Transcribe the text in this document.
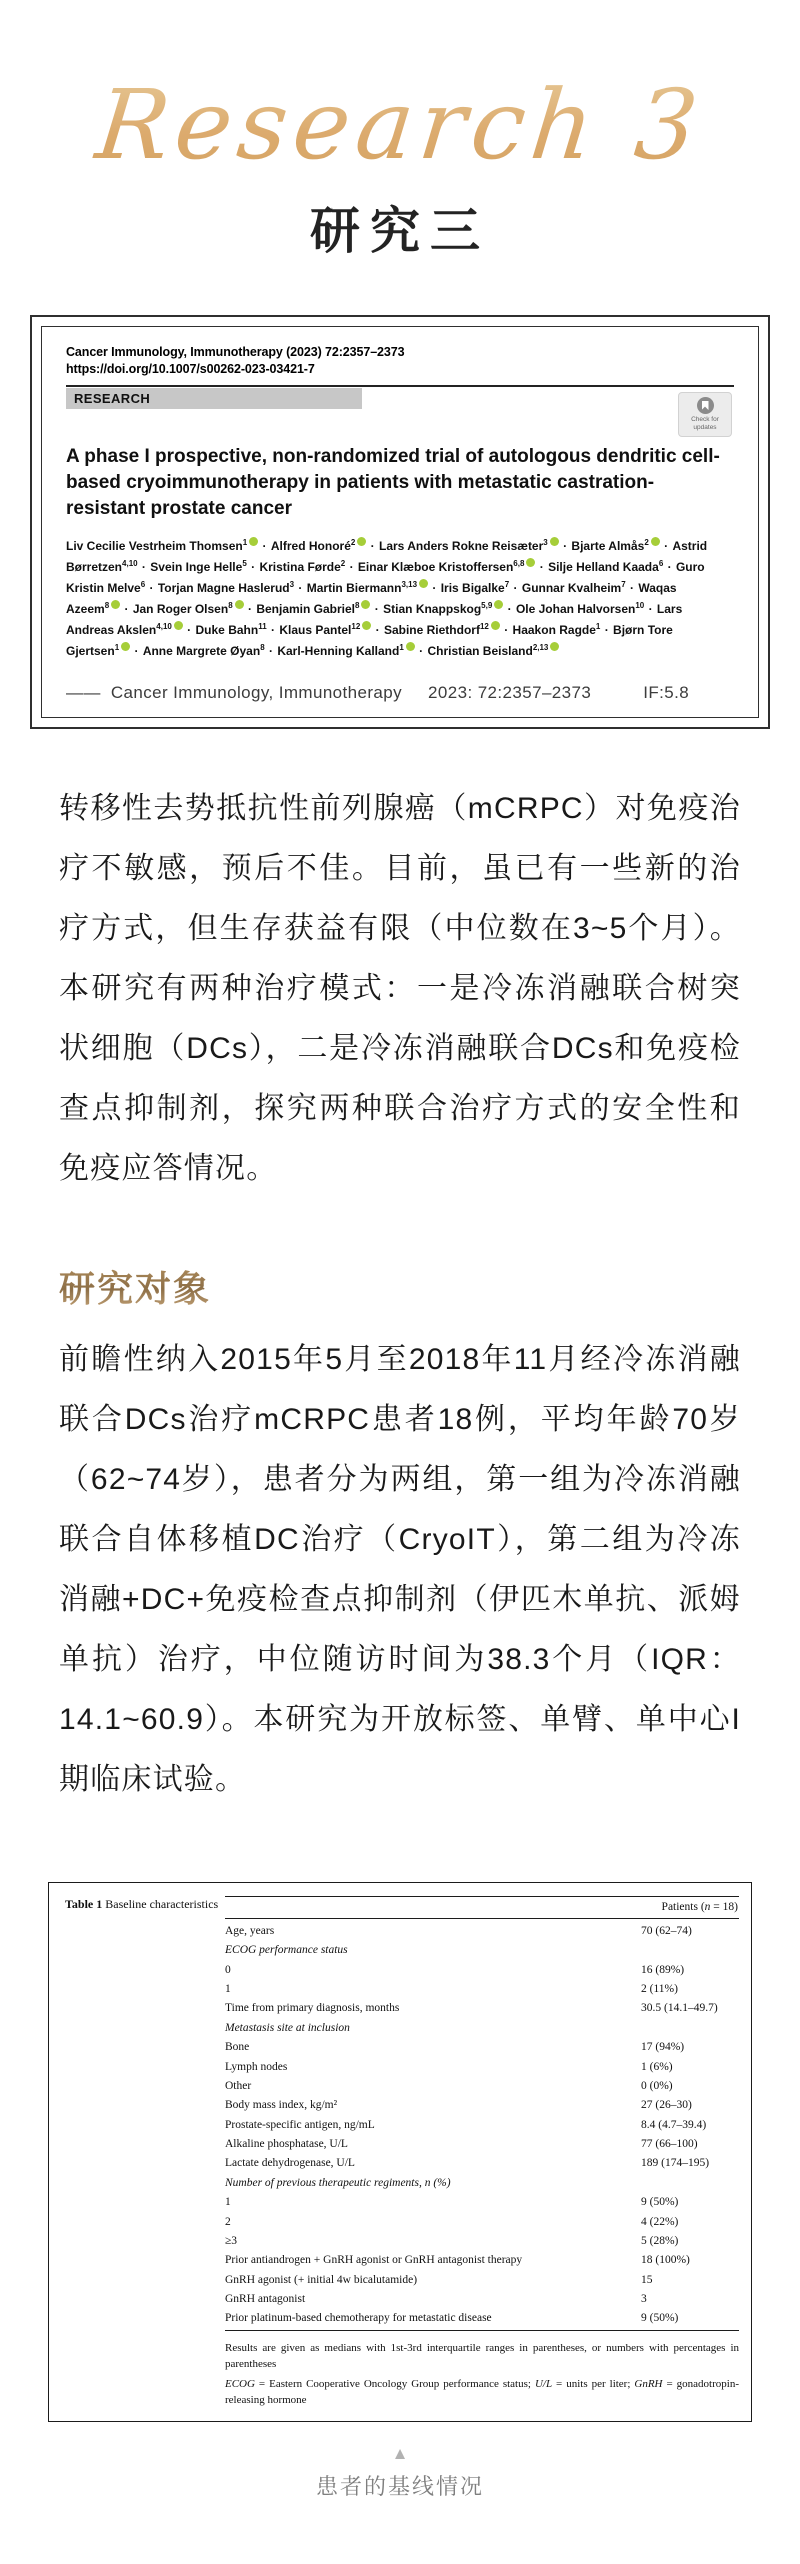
Research 3
研究三
Cancer Immunology, Immunotherapy (2023) 72:2357–2373
https://doi.org/10.1007/s00262-023-03421-7
RESEARCH
Check for
updates
A phase I prospective, non-randomized trial of autologous dendritic cell-based cryoimmunotherapy in patients with metastatic castration-resistant prostate cancer
Liv Cecilie Vestrheim Thomsen$^1$ · Alfred Honoré$^2$ · Lars Anders Rokne Reisæter$^3$ · Bjarte Almås$^2$ · Astrid Børretzen$^{4,10}$ · Svein Inge Helle$^5$ · Kristina Førde$^2$ · Einar Klæboe Kristoffersen$^{6,8}$ · Silje Helland Kaada$^6$ · Guro Kristin Melve$^6$ · Torjan Magne Haslerud$^3$ · Martin Biermann$^{3,13}$ · Iris Bigalke$^7$ · Gunnar Kvalheim$^7$ · Waqas Azeem$^8$ · Jan Roger Olsen$^8$ · Benjamin Gabriel$^8$ · Stian Knappskog$^{5,9}$ · Ole Johan Halvorsen$^{10}$ · Lars Andreas Akslen$^{4,10}$ · Duke Bahn$^{11}$ · Klaus Pantel$^{12}$ · Sabine Riethdorf$^{12}$ · Haakon Ragde$^1$ · Bjørn Tore Gjertsen$^1$ · Anne Margrete Øyan$^8$ · Karl-Henning Kalland$^1$ · Christian Beisland$^{2,13}$
—— Cancer Immunology, Immunotherapy 2023: 72:2357–2373	IF:5.8
转移性去势抵抗性前列腺癌（mCRPC）对免疫治疗不敏感，预后不佳。目前，虽已有一些新的治疗方式，但生存获益有限（中位数在3~5个月）。本研究有两种治疗模式：一是冷冻消融联合树突状细胞（DCs），二是冷冻消融联合DCs和免疫检查点抑制剂，探究两种联合治疗方式的安全性和免疫应答情况。
研究对象
前瞻性纳入2015年5月至2018年11月经冷冻消融联合DCs治疗mCRPC患者18例，平均年龄70岁（62~74岁），患者分为两组，第一组为冷冻消融联合自体移植DC治疗（CryoIT），第二组为冷冻消融+DC+免疫检查点抑制剂（伊匹木单抗、派姆单抗）治疗，中位随访时间为38.3个月（IQR：14.1~60.9）。本研究为开放标签、单臂、单中心I期临床试验。
Table 1 Baseline characteristics	Patients (n = 18)
Age, years	70 (62–74)
ECOG performance status	
0	16 (89%)
1	2 (11%)
Time from primary diagnosis, months	30.5 (14.1–49.7)
Metastasis site at inclusion	
Bone	17 (94%)
Lymph nodes	1 (6%)
Other	0 (0%)
Body mass index, kg/m²	27 (26–30)
Prostate-specific antigen, ng/mL	8.4 (4.7–39.4)
Alkaline phosphatase, U/L	77 (66–100)
Lactate dehydrogenase, U/L	189 (174–195)
Number of previous therapeutic regiments, n (%)	
1	9 (50%)
2	4 (22%)
≥3	5 (28%)
Prior antiandrogen + GnRH agonist or GnRH antagonist therapy	18 (100%)
GnRH agonist (+ initial 4w bicalutamide)	15
GnRH antagonist	3
Prior platinum-based chemotherapy for metastatic disease	9 (50%)
Results are given as medians with 1st-3rd interquartile ranges in parentheses, or numbers with percentages in parentheses
ECOG = Eastern Cooperative Oncology Group performance status; U/L = units per liter; GnRH = gonadotropin-releasing hormone
▲
患者的基线情况
